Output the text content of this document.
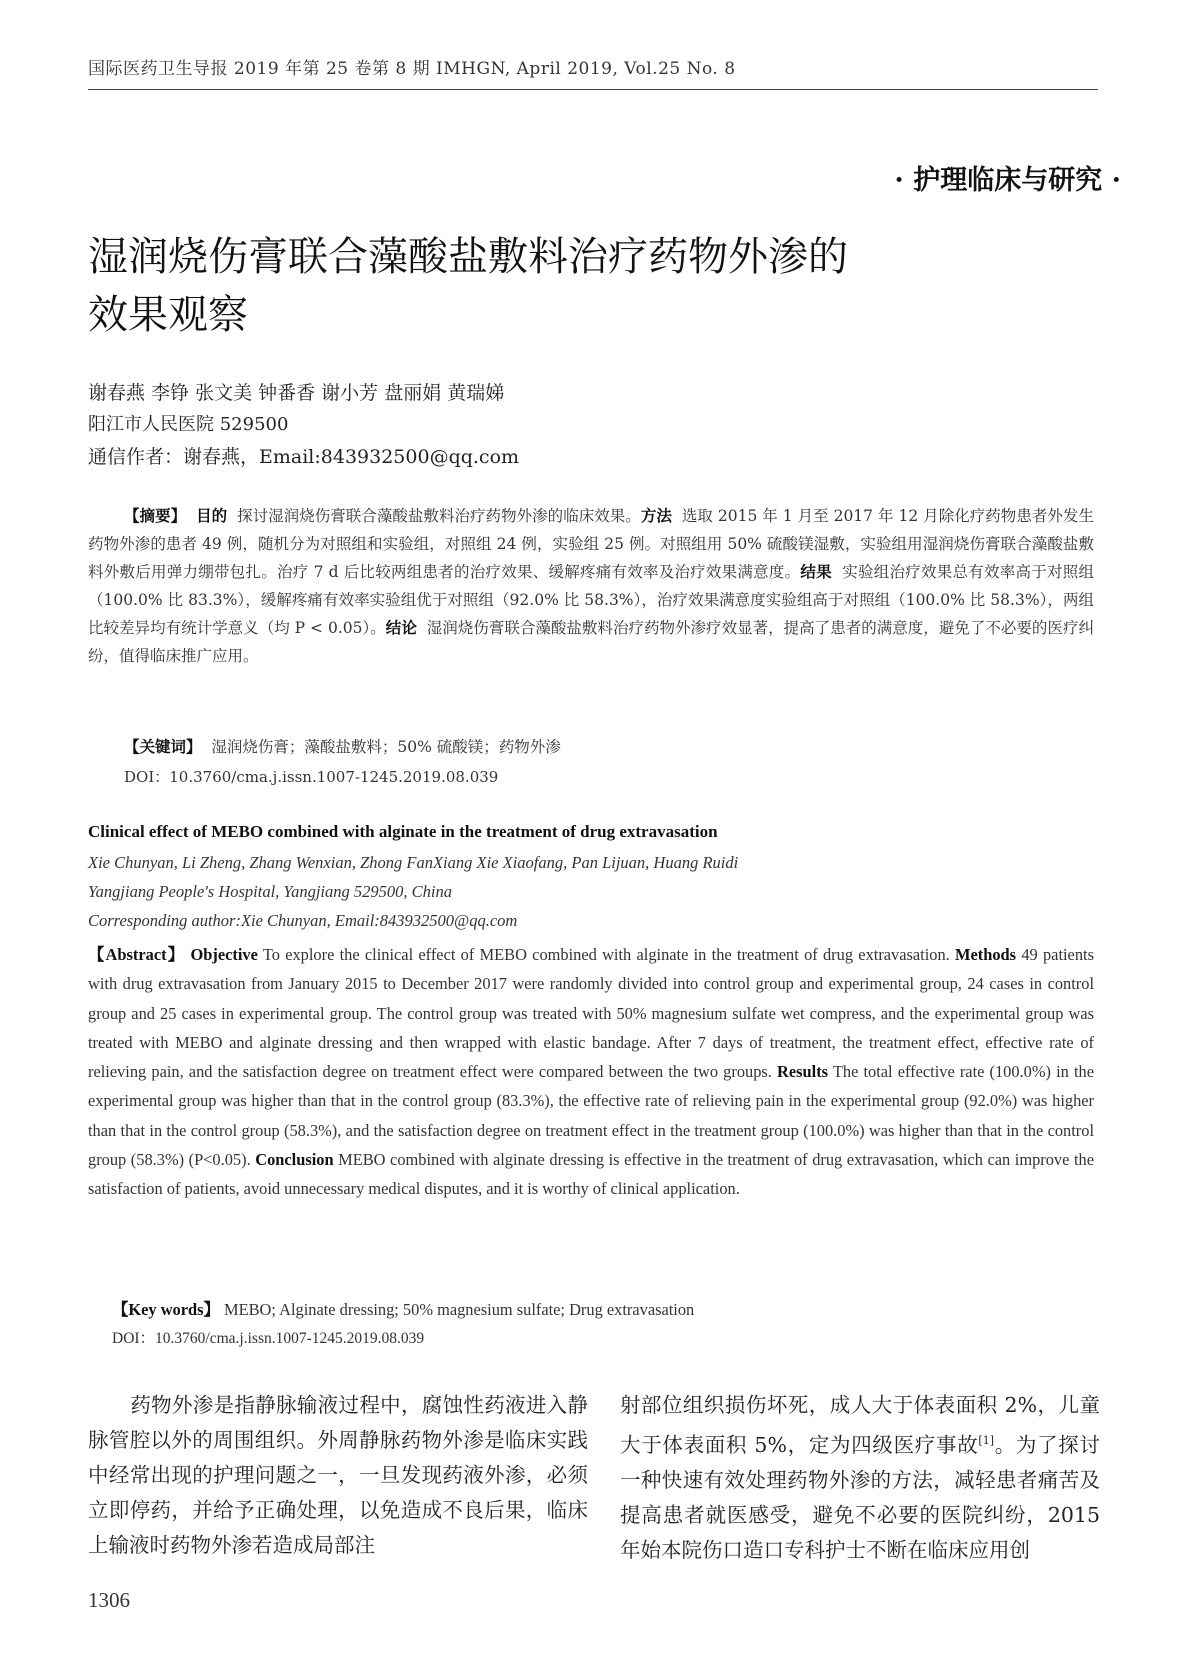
国际医药卫生导报 2019 年第 25 卷第 8 期 IMHGN, April 2019, Vol.25 No. 8
· 护理临床与研究 ·
湿润烧伤膏联合藻酸盐敷料治疗药物外渗的效果观察

谢春燕 李铮 张文美 钟番香 谢小芳 盘丽娟 黄瑞娣

阳江市人民医院 529500

通信作者：谢春燕，Email:843932500@qq.com

【摘要】 目的 探讨湿润烧伤膏联合藻酸盐敷料治疗药物外渗的临床效果。方法 选取 2015 年 1 月至 2017 年 12 月除化疗药物患者外发生药物外渗的患者 49 例，随机分为对照组和实验组，对照组 24 例，实验组 25 例。对照组用 50% 硫酸镁湿敷，实验组用湿润烧伤膏联合藻酸盐敷料外敷后用弹力绷带包扎。治疗 7 d 后比较两组患者的治疗效果、缓解疼痛有效率及治疗效果满意度。结果 实验组治疗效果总有效率高于对照组（100.0% 比 83.3%），缓解疼痛有效率实验组优于对照组（92.0% 比 58.3%），治疗效果满意度实验组高于对照组（100.0% 比 58.3%），两组比较差异均有统计学意义（均 P < 0.05）。结论 湿润烧伤膏联合藻酸盐敷料治疗药物外渗疗效显著，提高了患者的满意度，避免了不必要的医疗纠纷，值得临床推广应用。

【关键词】 湿润烧伤膏；藻酸盐敷料；50% 硫酸镁；药物外渗

DOI：10.3760/cma.j.issn.1007-1245.2019.08.039

Clinical effect of MEBO combined with alginate in the treatment of drug extravasation

Xie Chunyan, Li Zheng, Zhang Wenxian, Zhong FanXiang Xie Xiaofang, Pan Lijuan, Huang Ruidi

Yangjiang People's Hospital, Yangjiang 529500, China

Corresponding author:Xie Chunyan, Email:843932500@qq.com

【Abstract】 Objective To explore the clinical effect of MEBO combined with alginate in the treatment of drug extravasation. Methods 49 patients with drug extravasation from January 2015 to December 2017 were randomly divided into control group and experimental group, 24 cases in control group and 25 cases in experimental group. The control group was treated with 50% magnesium sulfate wet compress, and the experimental group was treated with MEBO and alginate dressing and then wrapped with elastic bandage. After 7 days of treatment, the treatment effect, effective rate of relieving pain, and the satisfaction degree on treatment effect were compared between the two groups. Results The total effective rate (100.0%) in the experimental group was higher than that in the control group (83.3%), the effective rate of relieving pain in the experimental group (92.0%) was higher than that in the control group (58.3%), and the satisfaction degree on treatment effect in the treatment group (100.0%) was higher than that in the control group (58.3%) (P<0.05). Conclusion MEBO combined with alginate dressing is effective in the treatment of drug extravasation, which can improve the satisfaction of patients, avoid unnecessary medical disputes, and it is worthy of clinical application.

【Key words】 MEBO; Alginate dressing; 50% magnesium sulfate; Drug extravasation

DOI：10.3760/cma.j.issn.1007-1245.2019.08.039

药物外渗是指静脉输液过程中，腐蚀性药液进入静脉管腔以外的周围组织。外周静脉药物外渗是临床实践中经常出现的护理问题之一，一旦发现药液外渗，必须立即停药，并给予正确处理，以免造成不良后果，临床上输液时药物外渗若造成局部注

射部位组织损伤坏死，成人大于体表面积 2%，儿童大于体表面积 5%，定为四级医疗事故[1]。为了探讨一种快速有效处理药物外渗的方法，减轻患者痛苦及提高患者就医感受，避免不必要的医院纠纷，2015 年始本院伤口造口专科护士不断在临床应用创

1306
